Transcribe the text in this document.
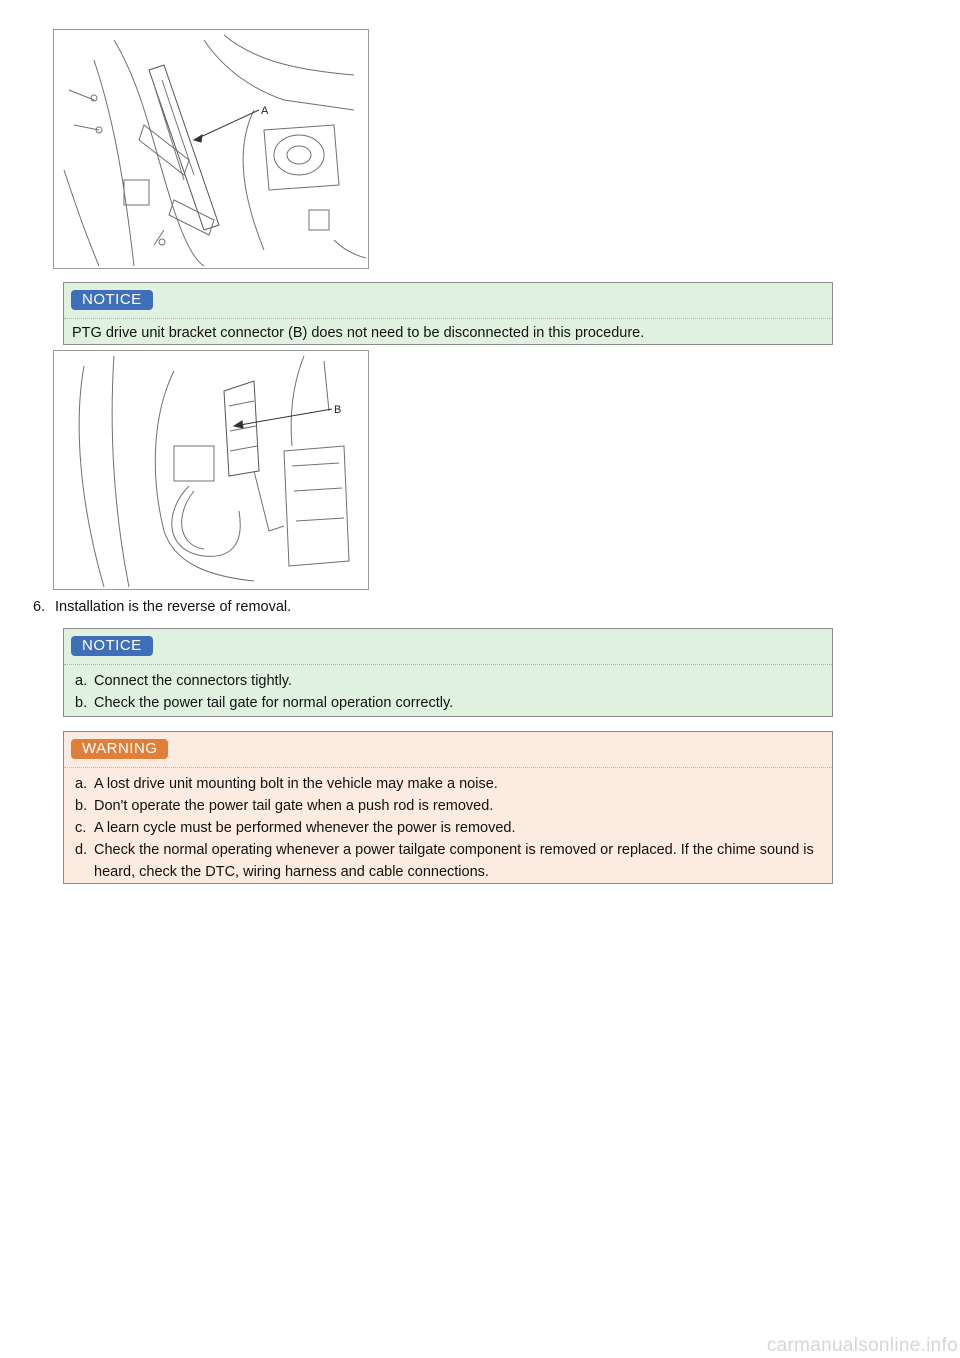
A
NOTICE
PTG drive unit bracket connector (B) does not need to be disconnected in this procedure.
B
6. Installation is the reverse of removal.
NOTICE
a. Connect the connectors tightly.
b. Check the power tail gate for normal operation correctly.
WARNING
a. A lost drive unit mounting bolt in the vehicle may make a noise.
b. Don't operate the power tail gate when a push rod is removed.
c. A learn cycle must be performed whenever the power is removed.
d. Check the normal operating whenever a power tailgate component is removed or replaced. If the chime sound is heard, check the DTC, wiring harness and cable connections.
carmanualsonline.info
